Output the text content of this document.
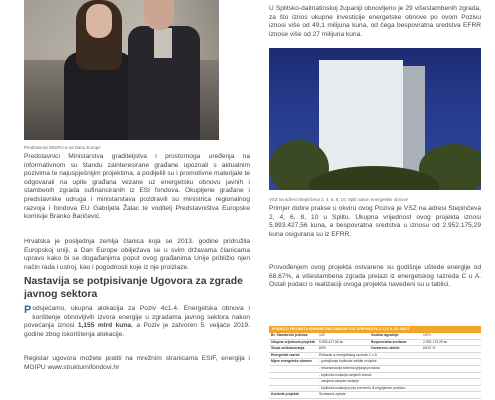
Predstavnici MGIPU-a na Danu Europe

Predstavnici Ministarstva graditeljstva i prostornoga uređenja na informativnom su štandu zainteresirane građane upoznali s aktualnim pozivima te najuspješnijim projektima, a podijelili su i promotivne materijale te odgovarali na upite građana vezane uz energetsku obnovu javnih i stambenih zgrada sufinanciranih iz ESI fondova. Okupljene građane i predstavnike udruga i ministarstava pozdravili su ministrica regionalnog razvoja i fondova EU Gabrijela Žalac te voditelj Predstavništva Europske komisije Branko Baričević.

Hrvatska je posljednja zemlja članica koja se 2013. godine pridružila Europskoj uniji, a Dan Europe obilježava se u svim državama članicama upravo kako bi se događanjima poput ovog građanima Unije približio njen način rada i ustroj, kao i pogodnosti koje iz nje proizlaze.

Nastavija se potpisivanje Ugovora za zgrade javnog sektora

Podsjećamo, ukupna alokacija za Poziv 4c1.4. Energetska obnova i korištenje obnovljivih izvora energije u zgradama javnog sektora nakon povećanja iznosi 1,155 mlrd kuna, a Poziv je zatvoren 5. veljače 2019. godine zbog iskorištenja alokacije.

Registar ugovora možete pratiti na mrežnim stranicama ESIF, energija i MGIPU www.strukturnifondovi.hr

U Splitsko-dalmatinskoj županiji obnovljeno je 29 višestambenih zgrada, za što iznos ukupne investicije energetske obnove po ovom Pozivu iznosi više od 49,1 milijuna kuna, od čega bespovratna sredstva EFRR iznose više od 27 milijuna kuna.

VSZ na adresi Stepinčeva 2, 4, 6, 8, 10, Split nakon energetske obnove

Primjer dobre prakse u okviru ovog Poziva je VSZ na adresi Stepinčeva 2, 4, 6, 8, 10 u Splitu. Ukupna vrijednost ovog projekta iznosi 5.993.427,56 kuna, a bespovratna sredstva u iznosu od 2.952.175,29 kuna osigurana su iz EFRR.

Provođenjem ovog projekta ostvarene su godišnje uštede energije od 68,67%, a višestambena zgrada prelazi iz energetskog razreda C u A. Ostali podaci o realizaciji ovoga projekta navedeni su u tablici.

PODACI O PROJEKTU ENERGETSKE OBNOVE VSZ STEPINČEVA 2, 4, 6, 8, 10, SPLIT
Br. Stambenih jedinica	120	Godina izgradnje	1970.
Ukupna vrijednost projekta	5.993.427,56 kn	Bespovratna sredstva	2.952.175,29 kn
Stopa sufinanciranja	60%	Ostvarene uštede	68,67 %
Energetski razred	Prelazak iz energetskog razreda C u A
Mjere energetske obnove	- poboljšanje toplinske zaštite ovojnice
- rekonstrukcija sistema grijanja prostora
- toplinska izolacija vanjskih zidova
- zamjena vanjske stolarije
- toplinska izolacija poda prema tlu iti negrijanom prostoru
Korisnik projekta	Suvlasnici zgrade
